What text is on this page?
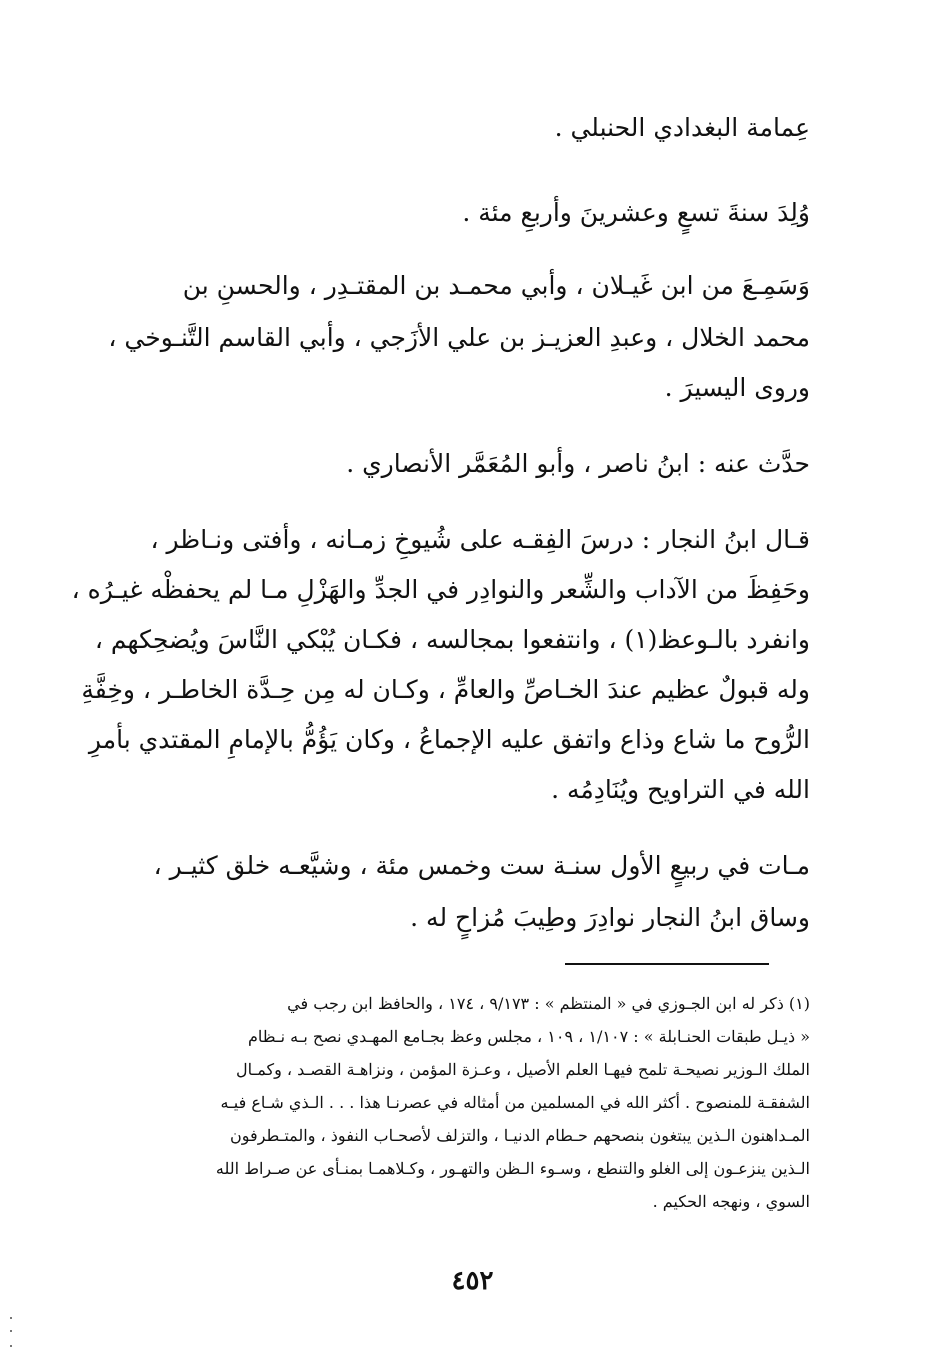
عِمامة البغدادي الحنبلي .
وُلِدَ سنةَ تسعٍ وعشرينَ وأربعِ مئة .
وَسَمِـعَ من ابن غَيـلان ، وأبي محمـد بن المقتـدِر ، والحسنِ بن
محمد الخلال ، وعبدِ العزيـز بن علي الأزَجي ، وأبي القاسم التَّنـوخي ،
وروى اليسيرَ .
حدَّث عنه : ابنُ ناصر ، وأبو المُعَمَّر الأنصاري .
قـال ابنُ النجار : درسَ الفِقـه على شُيوخِ زمـانه ، وأفتى ونـاظر ،
وحَفِظَ من الآداب والشِّعر والنوادِر في الجدِّ والهَزْلِ مـا لم يحفظْه غيـرُه ،
وانفرد بالـوعظ(١) ، وانتفعوا بمجالسه ، فكـان يُبْكي النَّاسَ ويُضحِكهم ،
وله قبولٌ عظيم عندَ الخـاصِّ والعامِّ ، وكـان له مِن حِـدَّة الخاطـر ، وخِفَّةِ
الرُّوح ما شاع وذاع واتفق عليه الإجماعُ ، وكان يَؤُمُّ بالإمامِ المقتدي بأمرِ
الله في التراويح ويُنَادِمُه .
مـات في ربيعٍ الأول سنـة ست وخمس مئة ، وشيَّعـه خلق كثيـر ،
وساق ابنُ النجار نوادِرَ وطِيبَ مُزاحٍ له .
(١) ذكر له ابن الجـوزي في « المنتظم » : ٩/١٧٣ ، ١٧٤ ، والحافظ ابن رجب في
« ذيـل طبقات الحنـابلة » : ١/١٠٧ ، ١٠٩ ، مجلس وعظ بجـامع المهـدي نصح بـه نـظام
الملك الـوزير نصيحـة تلمح فيهـا العلم الأصيل ، وعـزة المؤمن ، ونزاهـة القصـد ، وكمـال
الشفقـة للمنصوح . أكثر الله في المسلمين من أمثاله في عصرنـا هذا . . . الـذي شـاع فيـه
المـداهنون الـذين يبتغون بنصحهم حـطام الدنيـا ، والتزلف لأصحـاب النفوذ ، والمتـطرفون
الـذين ينزعـون إلى الغلو والتنطع ، وسـوء الـظن والتهـور ، وكـلاهمـا بمنـأى عن صـراط الله
السوي ، ونهجه الحكيم .
٤٥٢
